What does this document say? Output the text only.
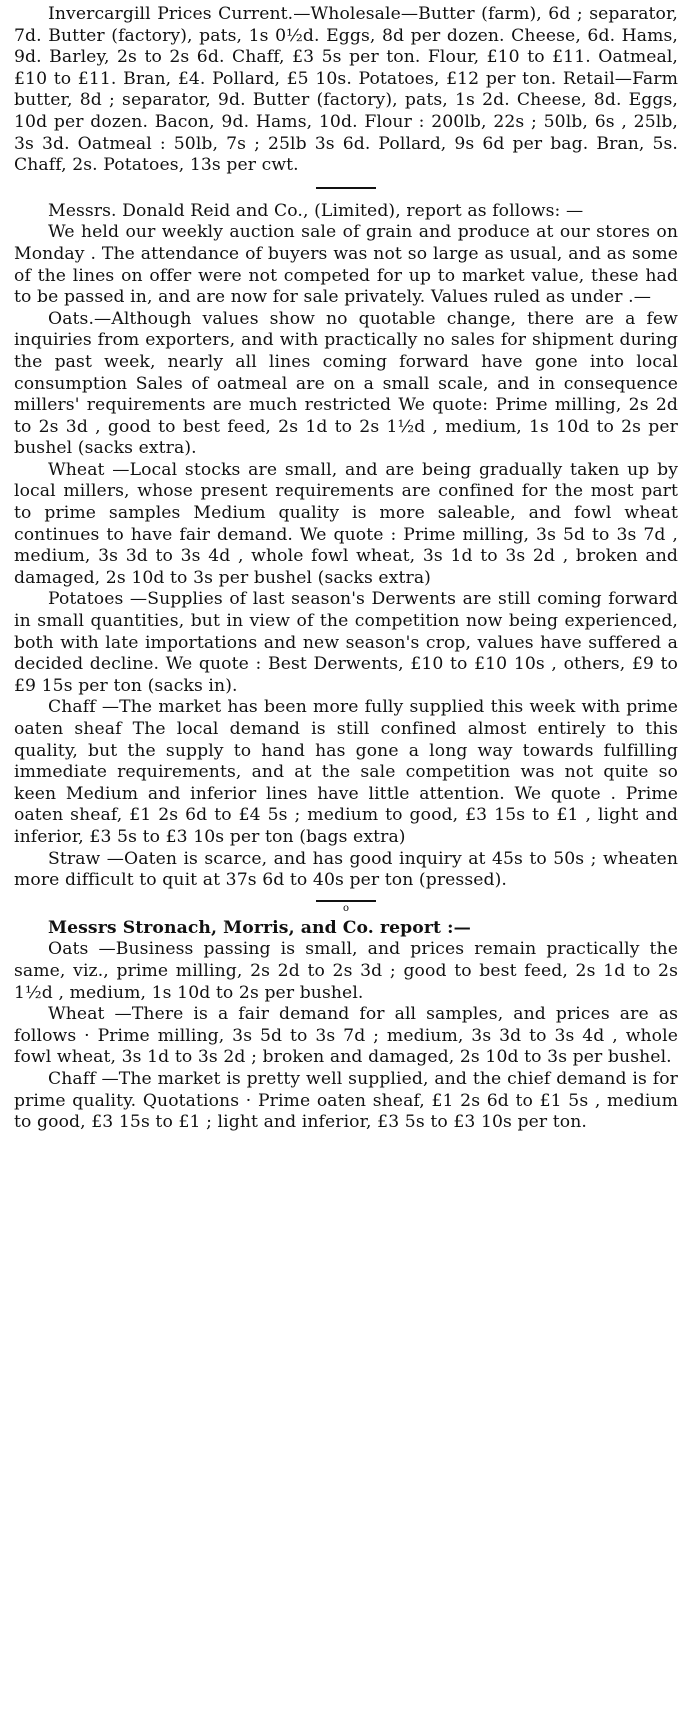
Invercargill Prices Current.—Wholesale—Butter (farm), 6d ; separator, 7d. Butter (factory), pats, 1s 0½d. Eggs, 8d per dozen. Cheese, 6d. Hams, 9d. Barley, 2s to 2s 6d. Chaff, £3 5s per ton. Flour, £10 to £11. Oatmeal, £10 to £11. Bran, £4. Pollard, £5 10s. Potatoes, £12 per ton. Retail—Farm butter, 8d ; separator, 9d. Butter (factory), pats, 1s 2d. Cheese, 8d. Eggs, 10d per dozen. Bacon, 9d. Hams, 10d. Flour : 200lb, 22s ; 50lb, 6s , 25lb, 3s 3d. Oatmeal : 50lb, 7s ; 25lb 3s 6d. Pollard, 9s 6d per bag. Bran, 5s. Chaff, 2s. Potatoes, 13s per cwt.

Messrs. Donald Reid and Co., (Limited), report as follows: —

We held our weekly auction sale of grain and produce at our stores on Monday . The attendance of buyers was not so large as usual, and as some of the lines on offer were not competed for up to market value, these had to be passed in, and are now for sale privately. Values ruled as under .—

Oats.—Although values show no quotable change, there are a few inquiries from exporters, and with practically no sales for shipment during the past week, nearly all lines coming forward have gone into local consumption Sales of oatmeal are on a small scale, and in consequence millers' requirements are much restricted We quote: Prime milling, 2s 2d to 2s 3d , good to best feed, 2s 1d to 2s 1½d , medium, 1s 10d to 2s per bushel (sacks extra).

Wheat —Local stocks are small, and are being gradually taken up by local millers, whose present requirements are confined for the most part to prime samples Medium quality is more saleable, and fowl wheat continues to have fair demand. We quote : Prime milling, 3s 5d to 3s 7d , medium, 3s 3d to 3s 4d , whole fowl wheat, 3s 1d to 3s 2d , broken and damaged, 2s 10d to 3s per bushel (sacks extra)

Potatoes —Supplies of last season's Derwents are still coming forward in small quantities, but in view of the competition now being experienced, both with late importations and new season's crop, values have suffered a decided decline. We quote : Best Derwents, £10 to £10 10s , others, £9 to £9 15s per ton (sacks in).

Chaff —The market has been more fully supplied this week with prime oaten sheaf The local demand is still confined almost entirely to this quality, but the supply to hand has gone a long way towards fulfilling immediate requirements, and at the sale competition was not quite so keen Medium and inferior lines have little attention. We quote . Prime oaten sheaf, £1 2s 6d to £4 5s ; medium to good, £3 15s to £1 , light and inferior, £3 5s to £3 10s per ton (bags extra)

Straw —Oaten is scarce, and has good inquiry at 45s to 50s ; wheaten more difficult to quit at 37s 6d to 40s per ton (pressed).

o

Messrs Stronach, Morris, and Co. report :—

Oats —Business passing is small, and prices remain practically the same, viz., prime milling, 2s 2d to 2s 3d ; good to best feed, 2s 1d to 2s 1½d , medium, 1s 10d to 2s per bushel.

Wheat —There is a fair demand for all samples, and prices are as follows · Prime milling, 3s 5d to 3s 7d ; medium, 3s 3d to 3s 4d , whole fowl wheat, 3s 1d to 3s 2d ; broken and damaged, 2s 10d to 3s per bushel.

Chaff —The market is pretty well supplied, and the chief demand is for prime quality. Quotations · Prime oaten sheaf, £1 2s 6d to £1 5s , medium to good, £3 15s to £1 ; light and inferior, £3 5s to £3 10s per ton.
